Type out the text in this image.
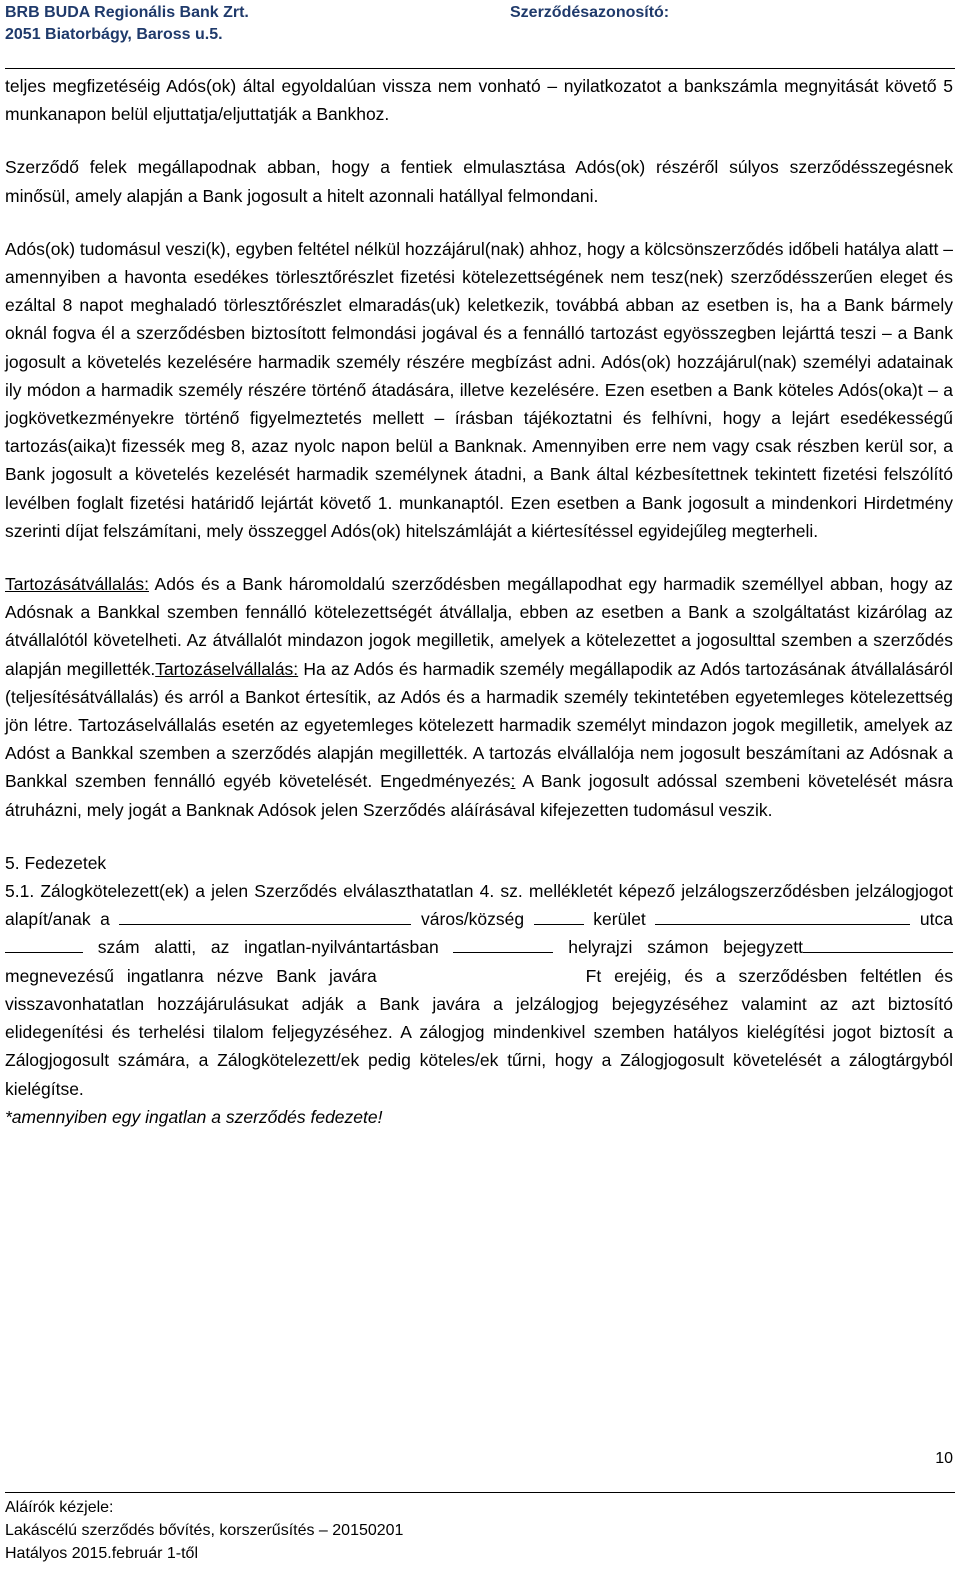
BRB BUDA Regionális Bank Zrt.
2051 Biatorbágy, Baross u.5.
Szerződésazonosító:

teljes megfizetéséig Adós(ok) által egyoldalúan vissza nem vonható – nyilatkozatot a bankszámla megnyitását követő 5 munkanapon belül eljuttatja/eljuttatják a Bankhoz.

Szerződő felek megállapodnak abban, hogy a fentiek elmulasztása Adós(ok) részéről súlyos szerződésszegésnek minősül, amely alapján a Bank jogosult a hitelt azonnali hatállyal felmondani.

Adós(ok) tudomásul veszi(k), egyben feltétel nélkül hozzájárul(nak) ahhoz, hogy a kölcsönszerződés időbeli hatálya alatt – amennyiben a havonta esedékes törlesztőrészlet fizetési kötelezettségének nem tesz(nek) szerződésszerűen eleget és ezáltal 8 napot meghaladó törlesztőrészlet elmaradás(uk) keletkezik, továbbá abban az esetben is, ha a Bank bármely oknál fogva él a szerződésben biztosított felmondási jogával és a fennálló tartozást egyösszegben lejárttá teszi – a Bank jogosult a követelés kezelésére harmadik személy részére megbízást adni. Adós(ok) hozzájárul(nak) személyi adatainak ily módon a harmadik személy részére történő átadására, illetve kezelésére. Ezen esetben a Bank köteles Adós(oka)t – a jogkövetkezményekre történő figyelmeztetés mellett – írásban tájékoztatni és felhívni, hogy a lejárt esedékességű tartozás(aika)t fizessék meg 8, azaz nyolc napon belül a Banknak. Amennyiben erre nem vagy csak részben kerül sor, a Bank jogosult a követelés kezelését harmadik személynek átadni, a Bank által kézbesítettnek tekintett fizetési felszólító levélben foglalt fizetési határidő lejártát követő 1. munkanaptól. Ezen esetben a Bank jogosult a mindenkori Hirdetmény szerinti díjat felszámítani, mely összeggel Adós(ok) hitelszámláját a kiértesítéssel egyidejűleg megterheli.

Tartozásátvállalás: Adós és a Bank háromoldalú szerződésben megállapodhat egy harmadik személlyel abban, hogy az Adósnak a Bankkal szemben fennálló kötelezettségét átvállalja, ebben az esetben a Bank a szolgáltatást kizárólag az átvállalótól követelheti. Az átvállalót mindazon jogok megilletik, amelyek a kötelezettet a jogosulttal szemben a szerződés alapján megillették.Tartozáselvállalás: Ha az Adós és harmadik személy megállapodik az Adós tartozásának átvállalásáról (teljesítésátvállalás) és arról a Bankot értesítik, az Adós és a harmadik személy tekintetében egyetemleges kötelezettség jön létre. Tartozáselvállalás esetén az egyetemleges kötelezett harmadik személyt mindazon jogok megilletik, amelyek az Adóst a Bankkal szemben a szerződés alapján megillették. A tartozás elvállalója nem jogosult beszámítani az Adósnak a Bankkal szemben fennálló egyéb követelését. Engedményezés: A Bank jogosult adóssal szembeni követelését másra átruházni, mely jogát a Banknak Adósok jelen Szerződés aláírásával kifejezetten tudomásul veszik.

5. Fedezetek

5.1. Zálogkötelezett(ek) a jelen Szerződés elválaszthatatlan 4. sz. mellékletét képező jelzálogszerződésben jelzálogjogot alapít/anak a	város/község	kerület	utca  szám alatti, az ingatlan-nyilvántartásban	helyrajzi számon bejegyzettmegnevezésű ingatlanra nézve Bank javára	Ft erejéig, és a szerződésben feltétlen és visszavonhatatlan hozzájárulásukat adják a Bank javára a jelzálogjog bejegyzéséhez valamint az azt biztosító elidegenítési és terhelési tilalom feljegyzéséhez. A zálogjog mindenkivel szemben hatályos kielégítési jogot biztosít a Zálogjogosult számára, a Zálogkötelezett/ek pedig köteles/ek tűrni, hogy a Zálogjogosult követelését a zálogtárgyból kielégítse.

*amennyiben egy ingatlan a szerződés fedezete!

10
Aláírók kézjele:
Lakáscélú szerződés bővítés, korszerűsítés – 20150201
Hatályos 2015.február 1-től
